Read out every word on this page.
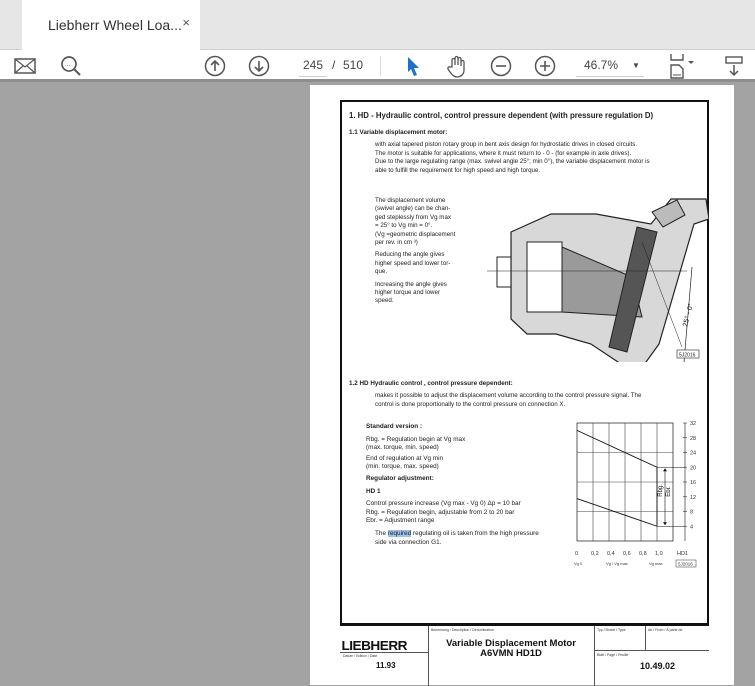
Liebherr Wheel Loa... ×
...	245 / 510	46.7%	▼
1. HD - Hydraulic control, control pressure dependent (with pressure regulation D)
1.1 Variable displacement motor:
with axial tapered piston rotary group in bent axis design for hydrostatic drives in closed circuits.
The motor is suitable for applications, where it must return to - 0 - (for example in axle drives).
Due to the large regulating range (max. swivel angle 25°; min 0°), the variable displacement motor is
able to fulfill the requirement for high speed and high torque.
The displacement volume
(swivel angle) can be chan-
ged steplessly from Vg max
= 25° to Vg min = 0°.
(Vg =geometric displacement
per rev. in cm ³)
Reducing the angle gives
higher speed and lower tor-
que.
Increasing the angle gives
higher torque and lower
speed.
25° - 0°
5J2016
1.2 HD Hydraulic control , control pressure dependent:
makes it possible to adjust the displacement volume according to the control pressure signal. The
control is done proportionally to the control pressure on connection X.
Standard version :
Rbg. = Regulation begin at Vg max
(max. torque, min. speed)
End of regulation at Vg min
(min. torque, max. speed)
Regulator adjustment:
HD 1
Control pressure increase (Vg max - Vg 0) Δp = 10 bar
Rbg. = Regulation begin, adjustable from 2 to 20 bar
Ebr. = Adjustment range
The required regulating oil is taken from the high pressure
side via connection G1.
32
28
24
20
16
12
8
4
Rbg. Ebr.
0 0,2 0,4 0,6 0,8 1,0	HD1
Vg 0	Vg / Vg max	Vg max	5J2016
LIEBHERR
Benennung / Description / Dénomination
Variable Displacement Motor
A6VMN HD1D
Typ / Model / Type	Ab / From / À partir de
Datum / Edition / Date
11.93
Blatt / Page / Feuille
10.49.02
